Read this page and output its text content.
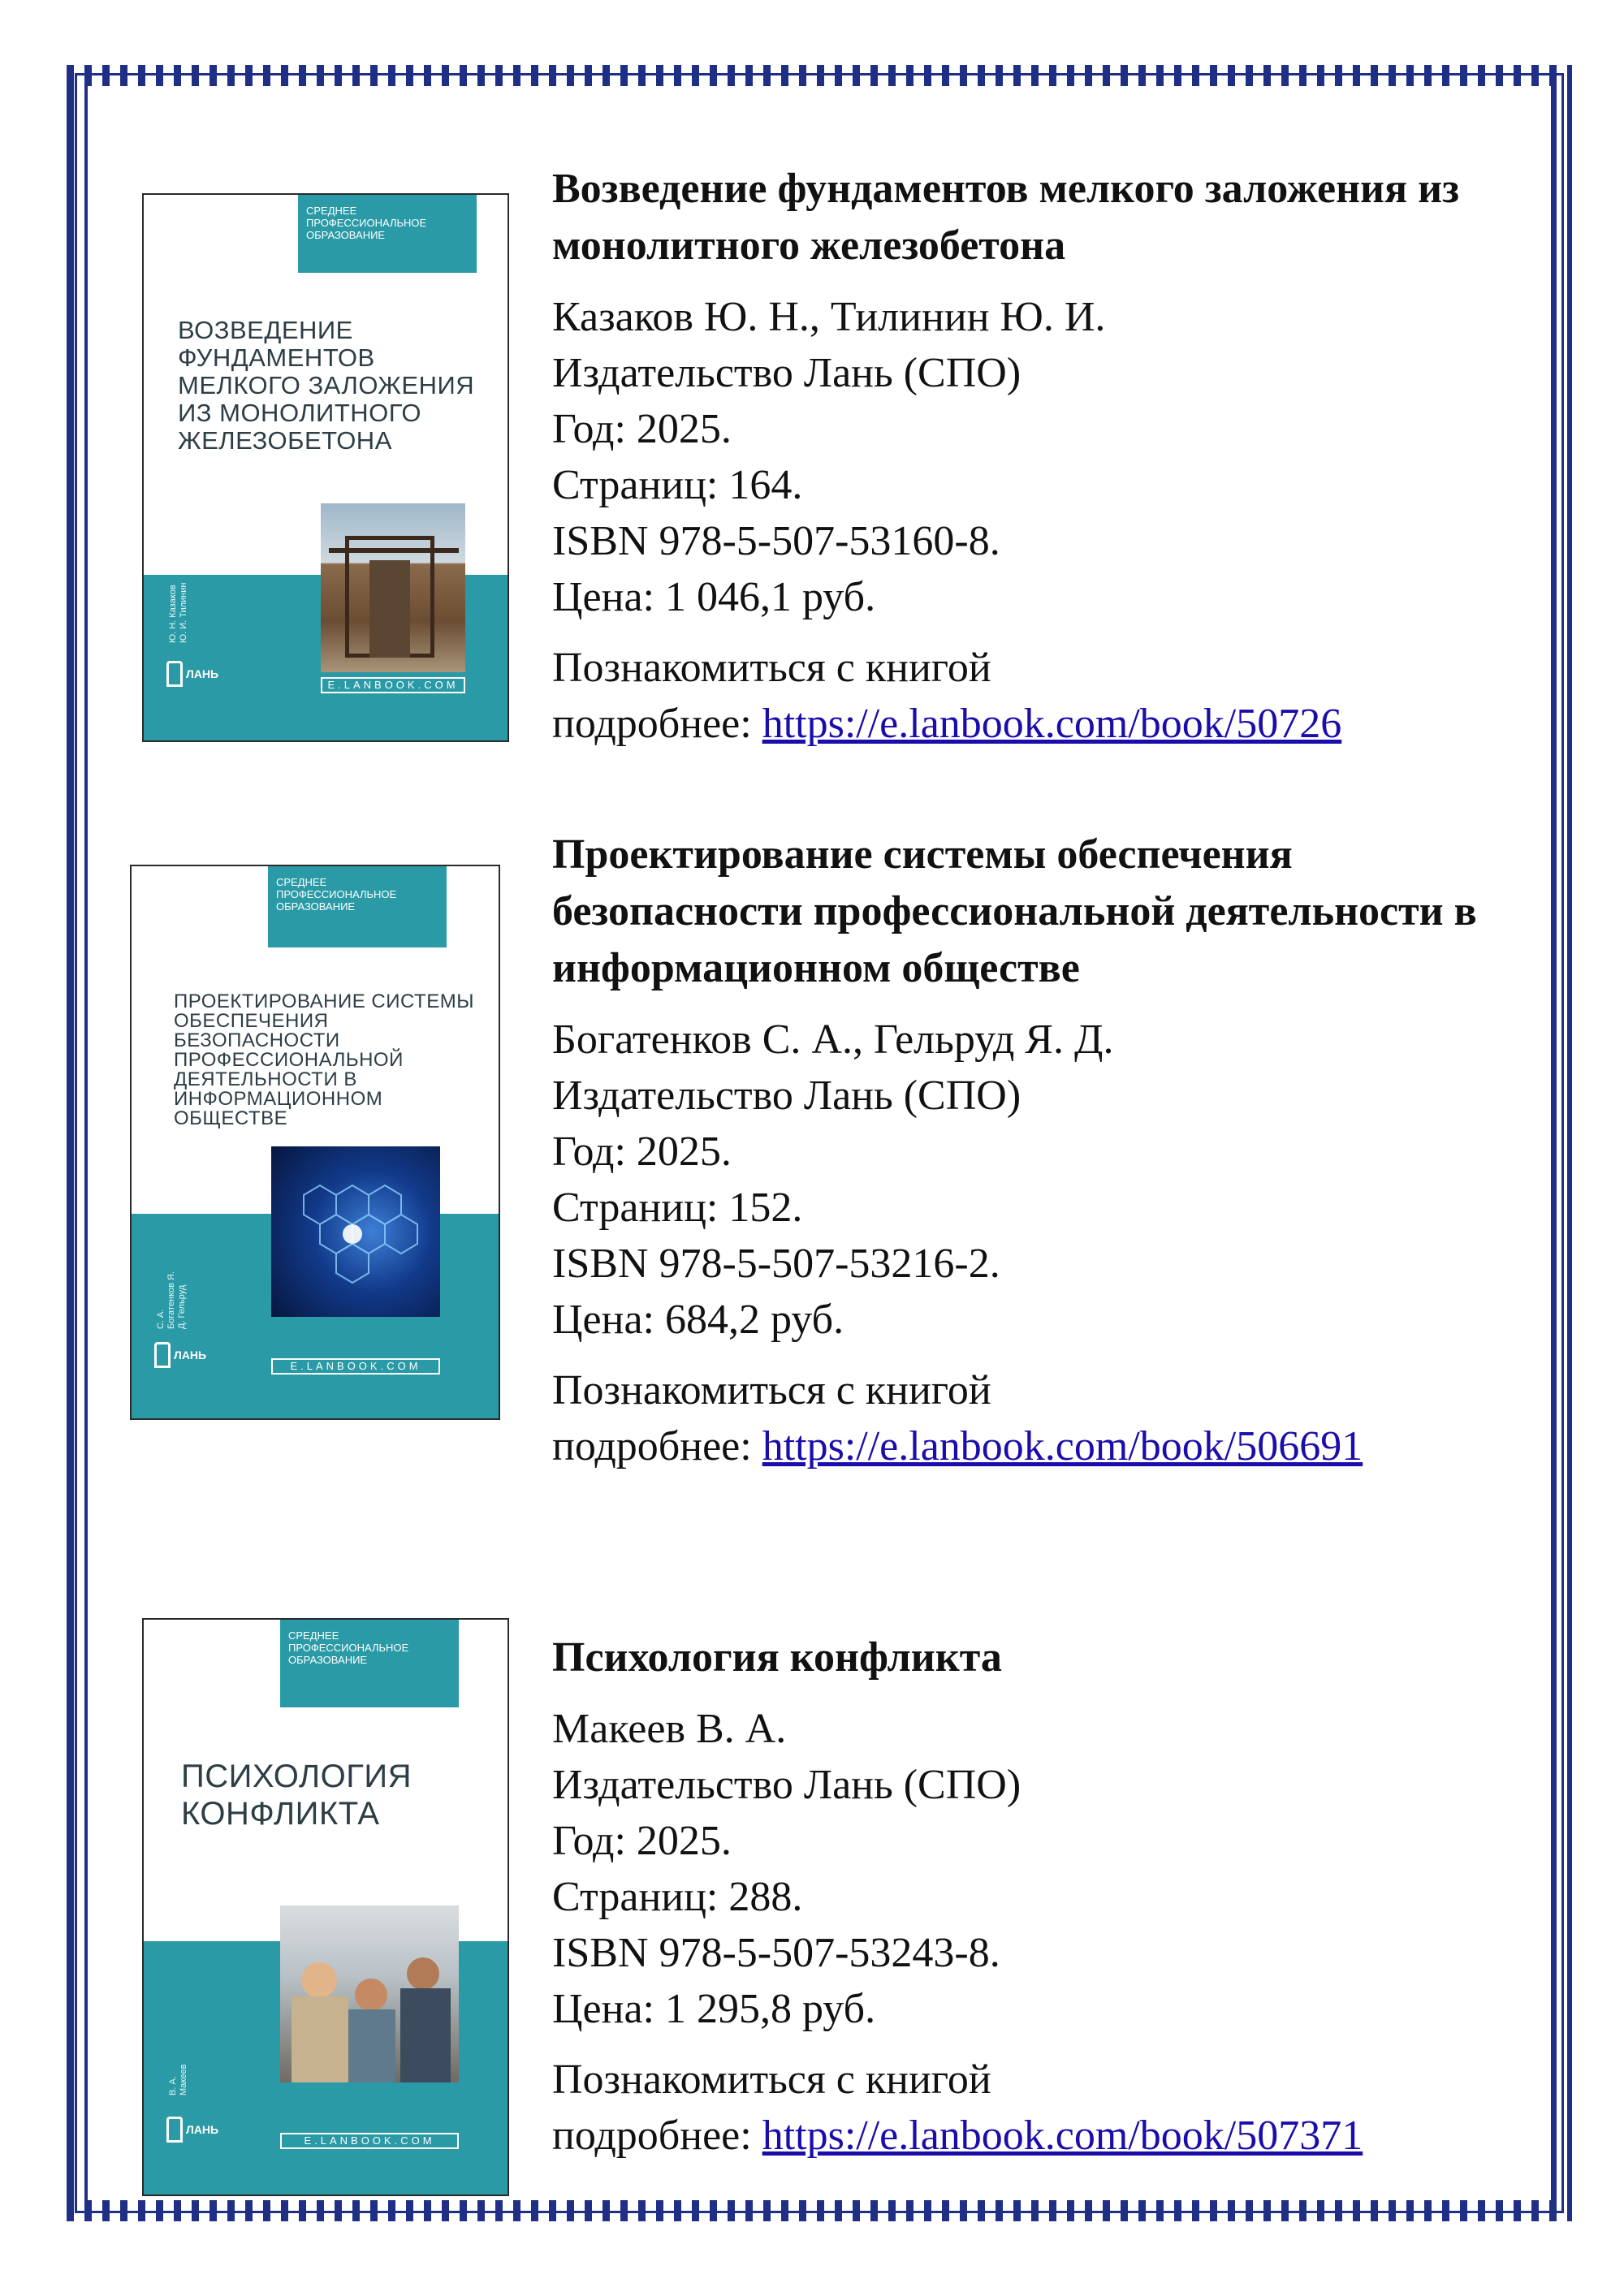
СРЕДНЕЕ ПРОФЕССИОНАЛЬНОЕ ОБРАЗОВАНИЕ
ВОЗВЕДЕНИЕ ФУНДАМЕНТОВ МЕЛКОГО ЗАЛОЖЕНИЯ ИЗ МОНОЛИТНОГО ЖЕЛЕЗОБЕТОНА
Ю. Н. Казаков Ю. И. Тилинин
ЛАНЬ
E.LANBOOK.COM
Возведение фундаментов мелкого заложения из монолитного железобетона
Казаков Ю. Н., Тилинин Ю. И.
Издательство Лань (СПО)
Год: 2025.
Страниц: 164.
ISBN 978-5-507-53160-8.
Цена: 1 046,1 руб.
Познакомиться с книгой
подробнее: https://e.lanbook.com/book/50726
СРЕДНЕЕ ПРОФЕССИОНАЛЬНОЕ ОБРАЗОВАНИЕ
ПРОЕКТИРОВАНИЕ СИСТЕМЫ ОБЕСПЕЧЕНИЯ БЕЗОПАСНОСТИ ПРОФЕССИОНАЛЬНОЙ ДЕЯТЕЛЬНОСТИ В ИНФОРМАЦИОННОМ ОБЩЕСТВЕ
С. А. Богатенков Я. Д. Гельруд
ЛАНЬ
E.LANBOOK.COM
Проектирование системы обеспечения безопасности профессиональной деятельности в информационном обществе
Богатенков С. А., Гельруд Я. Д.
Издательство Лань (СПО)
Год: 2025.
Страниц: 152.
ISBN 978-5-507-53216-2.
Цена: 684,2 руб.
Познакомиться с книгой
подробнее: https://e.lanbook.com/book/506691
СРЕДНЕЕ ПРОФЕССИОНАЛЬНОЕ ОБРАЗОВАНИЕ
ПСИХОЛОГИЯ КОНФЛИКТА
В. А. Макеев
ЛАНЬ
E.LANBOOK.COM
Психология конфликта
Макеев В. А.
Издательство Лань (СПО)
Год: 2025.
Страниц: 288.
ISBN 978-5-507-53243-8.
Цена: 1 295,8 руб.
Познакомиться с книгой
подробнее: https://e.lanbook.com/book/507371
